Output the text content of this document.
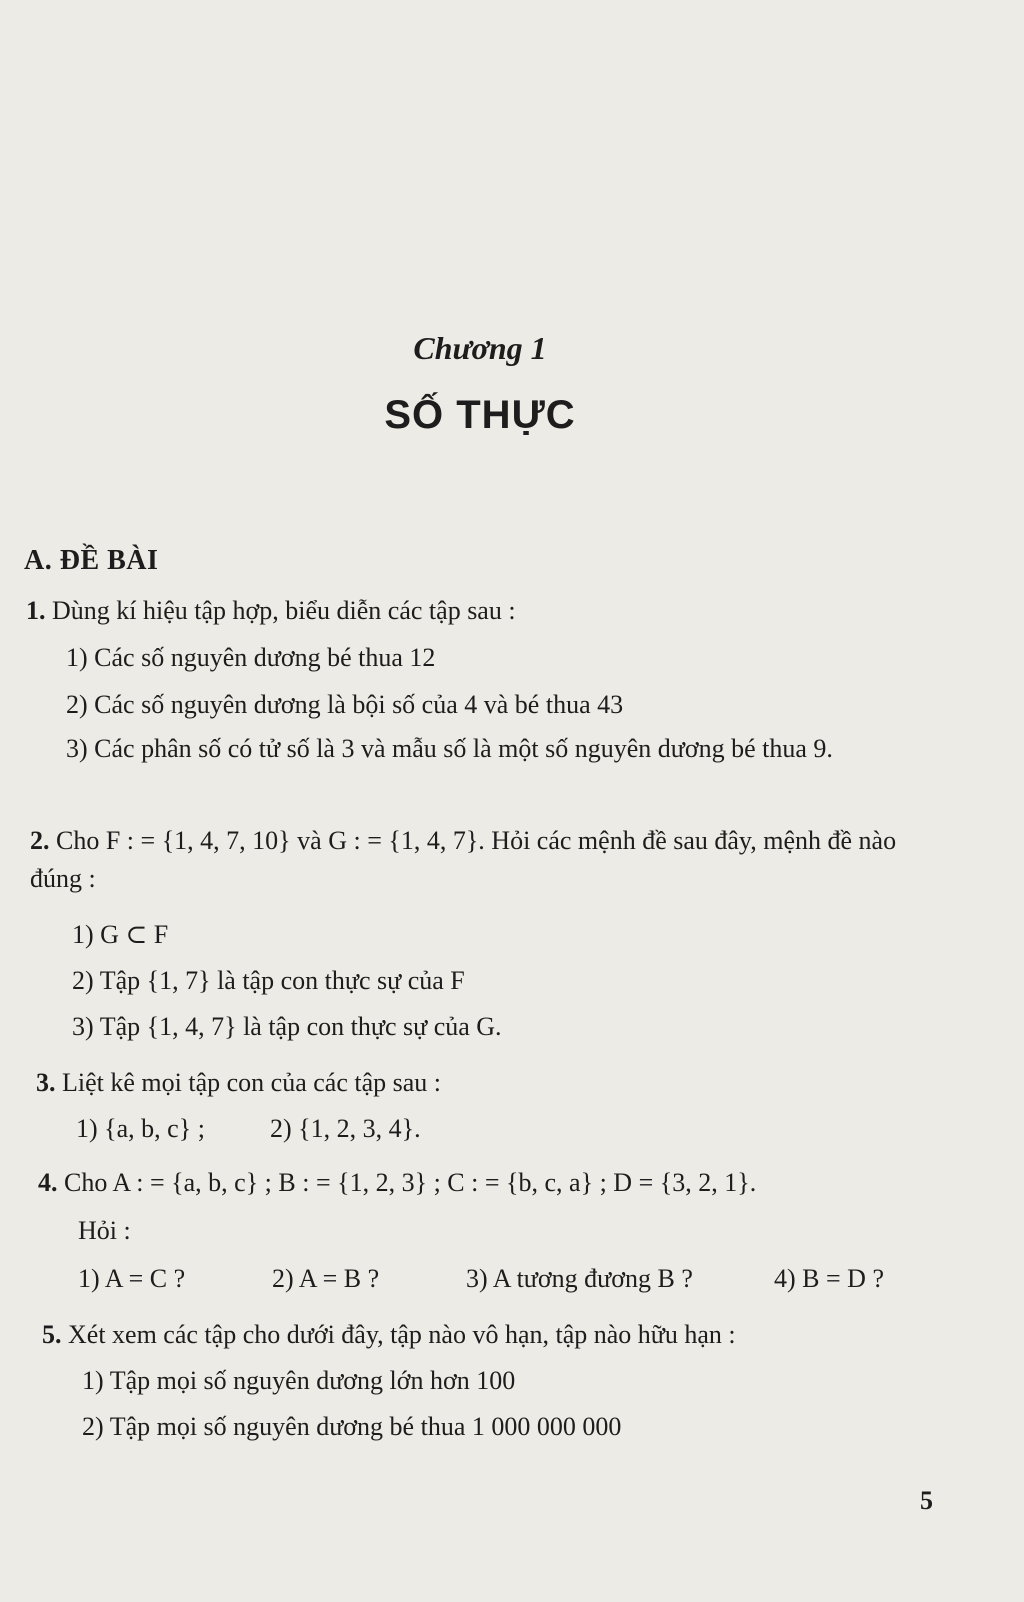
Chương 1
SỐ THỰC
A. ĐỀ BÀI
1. Dùng kí hiệu tập hợp, biểu diễn các tập sau :
1) Các số nguyên dương bé thua 12
2) Các số nguyên dương là bội số của 4 và bé thua 43
3) Các phân số có tử số là 3 và mẫu số là một số nguyên dương bé thua 9.
2. Cho F : = {1, 4, 7, 10} và G : = {1, 4, 7}. Hỏi các mệnh đề sau đây, mệnh đề nào đúng :
1) G ⊂ F
2) Tập {1, 7} là tập con thực sự của F
3) Tập {1, 4, 7} là tập con thực sự của G.
3. Liệt kê mọi tập con của các tập sau :
1) {a, b, c} ;	2) {1, 2, 3, 4}.
4. Cho A : = {a, b, c} ; B : = {1, 2, 3} ; C : = {b, c, a} ; D = {3, 2, 1}.
Hỏi :
1) A = C ?	2) A = B ?	3) A tương đương B ?	4) B = D ?
5. Xét xem các tập cho dưới đây, tập nào vô hạn, tập nào hữu hạn :
1) Tập mọi số nguyên dương lớn hơn 100
2) Tập mọi số nguyên dương bé thua 1 000 000 000
5
